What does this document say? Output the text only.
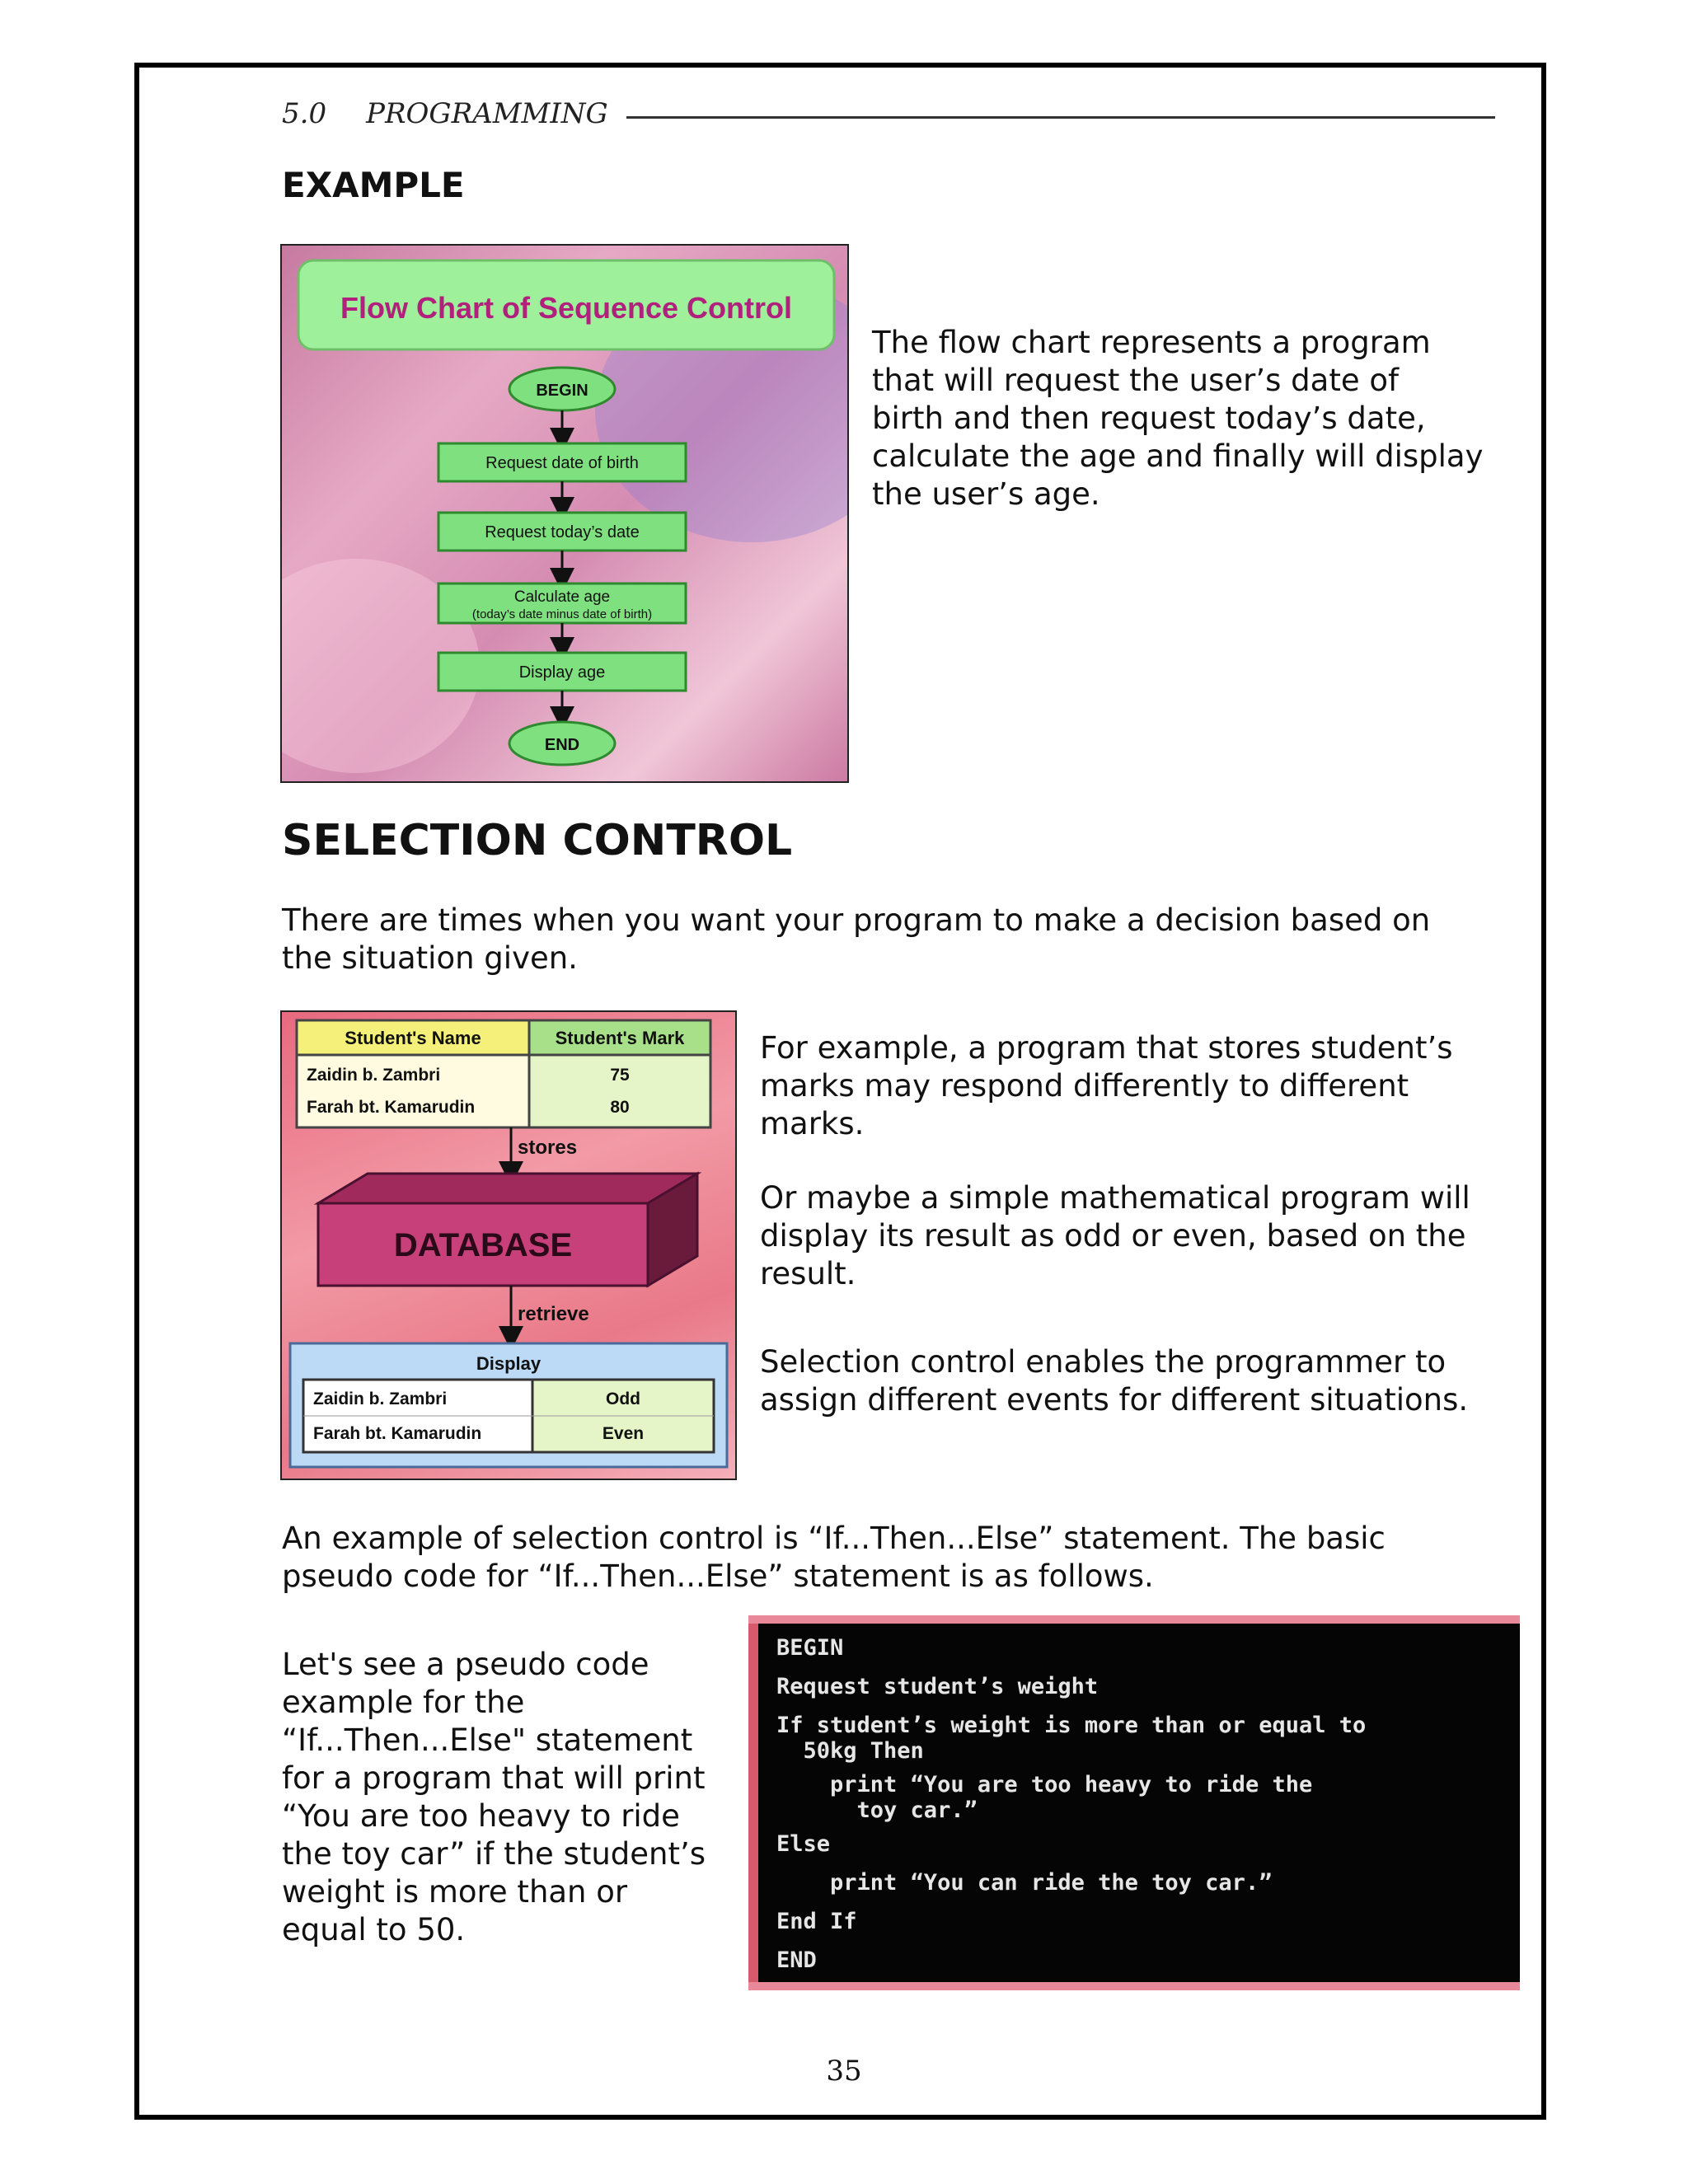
5.0 PROGRAMMING
EXAMPLE
Flow Chart of Sequence Control
BEGIN
Request date of birth
Request today’s date
Calculate age
(today’s date minus date of birth)
Display age
END
The flow chart represents a program
that will request the user’s date of
birth and then request today’s date,
calculate the age and finally will display
the user’s age.
SELECTION CONTROL
There are times when you want your program to make a decision based on
the situation given.
Student's Name	Student's Mark
Zaidin b. Zambri	75
Farah bt. Kamarudin	80
stores
DATABASE
retrieve
Display
Zaidin b. Zambri	Odd
Farah bt. Kamarudin	Even
For example, a program that stores student’s
marks may respond differently to different
marks.
Or maybe a simple mathematical program will
display its result as odd or even, based on the
result.
Selection control enables the programmer to
assign different events for different situations.
An example of selection control is “If...Then...Else” statement. The basic
pseudo code for “If...Then...Else” statement is as follows.
Let's see a pseudo code
example for the
“If...Then...Else" statement
for a program that will print
“You are too heavy to ride
the toy car” if the student’s
weight is more than or
equal to 50.
BEGIN
Request student’s weight
If student’s weight is more than or equal to
50kg Then
print “You are too heavy to ride the
toy car.”
Else
print “You can ride the toy car.”
End If
END
35
